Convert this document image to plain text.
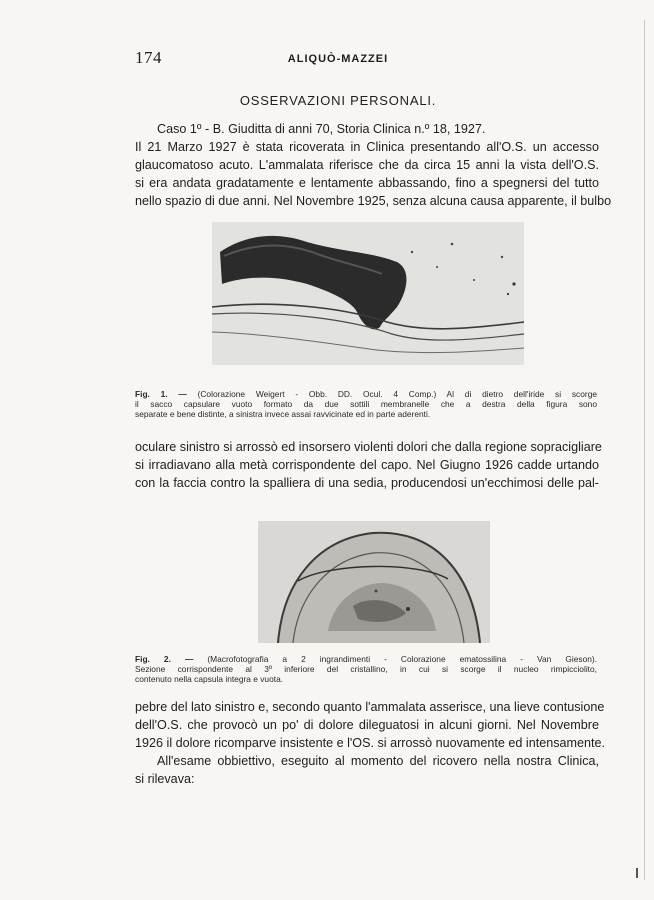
174	ALIQUÒ-MAZZEI
OSSERVAZIONI PERSONALI.
Caso 1º - B. Giuditta di anni 70, Storia Clinica n.º 18, 1927.
Il 21 Marzo 1927 è stata ricoverata in Clinica presentando all'O.S. un accesso
glaucomatoso acuto. L'ammalata riferisce che da circa 15 anni la vista dell'O.S.
si era andata gradatamente e lentamente abbassando, fino a spegnersi del tutto
nello spazio di due anni. Nel Novembre 1925, senza alcuna causa apparente, il bulbo
Fig. 1. — (Colorazione Weigert - Obb. DD. Ocul. 4 Comp.) Al di dietro dell'iride si scorge
il sacco capsulare vuoto formato da due sottili membranelle che a destra della figura sono
separate e bene distinte, a sinistra invece assai ravvicinate ed in parte aderenti.
oculare sinistro si arrossò ed insorsero violenti dolori che dalla regione sopracigliare
si irradiavano alla metà corrispondente del capo. Nel Giugno 1926 cadde urtando
con la faccia contro la spalliera di una sedia, producendosi un'ecchimosi delle pal-
Fig. 2. — (Macrofotografia a 2 ingrandimenti - Colorazione ematossilina - Van Gieson).
Sezione corrispondente al 3º inferiore del cristallino, in cui si scorge il nucleo rimpicciolito,
contenuto nella capsula integra e vuota.
pebre del lato sinistro e, secondo quanto l'ammalata asserisce, una lieve contusione
dell'O.S. che provocò un po' di dolore dileguatosi in alcuni giorni. Nel Novembre
1926 il dolore ricomparve insistente e l'OS. si arrossò nuovamente ed intensamente.
All'esame obbiettivo, eseguito al momento del ricovero nella nostra Clinica,
si rilevava:
